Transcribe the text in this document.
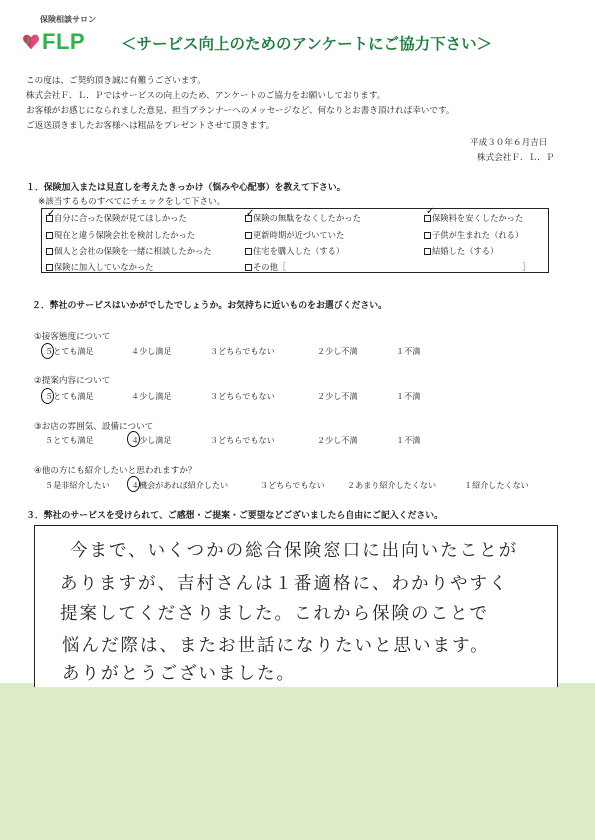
保険相談サロン
FLP ＜サービス向上のためのアンケートにご協力下さい＞
この度は、ご契約頂き誠に有難うございます。
株式会社Ｆ．Ｌ．Ｐではサービスの向上のため、アンケートのご協力をお願いしております。
お客様がお感じになられました意見、担当プランナーへのメッセージなど、何なりとお書き頂ければ幸いです。
ご返送頂きましたお客様へは粗品をプレゼントさせて頂きます。
平成３０年６月吉日
株式会社Ｆ．Ｌ．Ｐ
１．保険加入または見直しを考えたきっかけ（悩みや心配事）を教えて下さい。
※該当するものすべてにチェックをして下さい。
自分に合った保険が見てほしかった	保険の無駄をなくしたかった	保険料を安くしたかった
現在と違う保険会社を検討したかった	更新時期が近づいていた	子供が生まれた（れる）
個人と会社の保険を一緒に相談したかった	住宅を購入した（する）	結婚した（する）
保険に加入していなかった	その他［	］
✓	✓	✓
２．弊社のサービスはいかがでしたでしょうか。お気持ちに近いものをお選びください。
①接客態度について
５とても満足	４少し満足	３どちらでもない	２少し不満	１不満
②提案内容について
５とても満足	４少し満足	３どちらでもない	２少し不満	１不満
③お店の雰囲気、設備について
５とても満足	４少し満足	３どちらでもない	２少し不満	１不満
④他の方にも紹介したいと思われますか？
５是非紹介したい	４機会があれば紹介したい	３どちらでもない	２あまり紹介したくない	１紹介したくない
３．弊社のサービスを受けられて、ご感想・ご提案・ご要望などございましたら自由にご記入ください。
今まで、いくつかの総合保険窓口に出向いたことが
ありますが、吉村さんは１番適格に、わかりやすく
提案してくださりました。これから保険のことで
悩んだ際は、またお世話になりたいと思います。
ありがとうございました。
